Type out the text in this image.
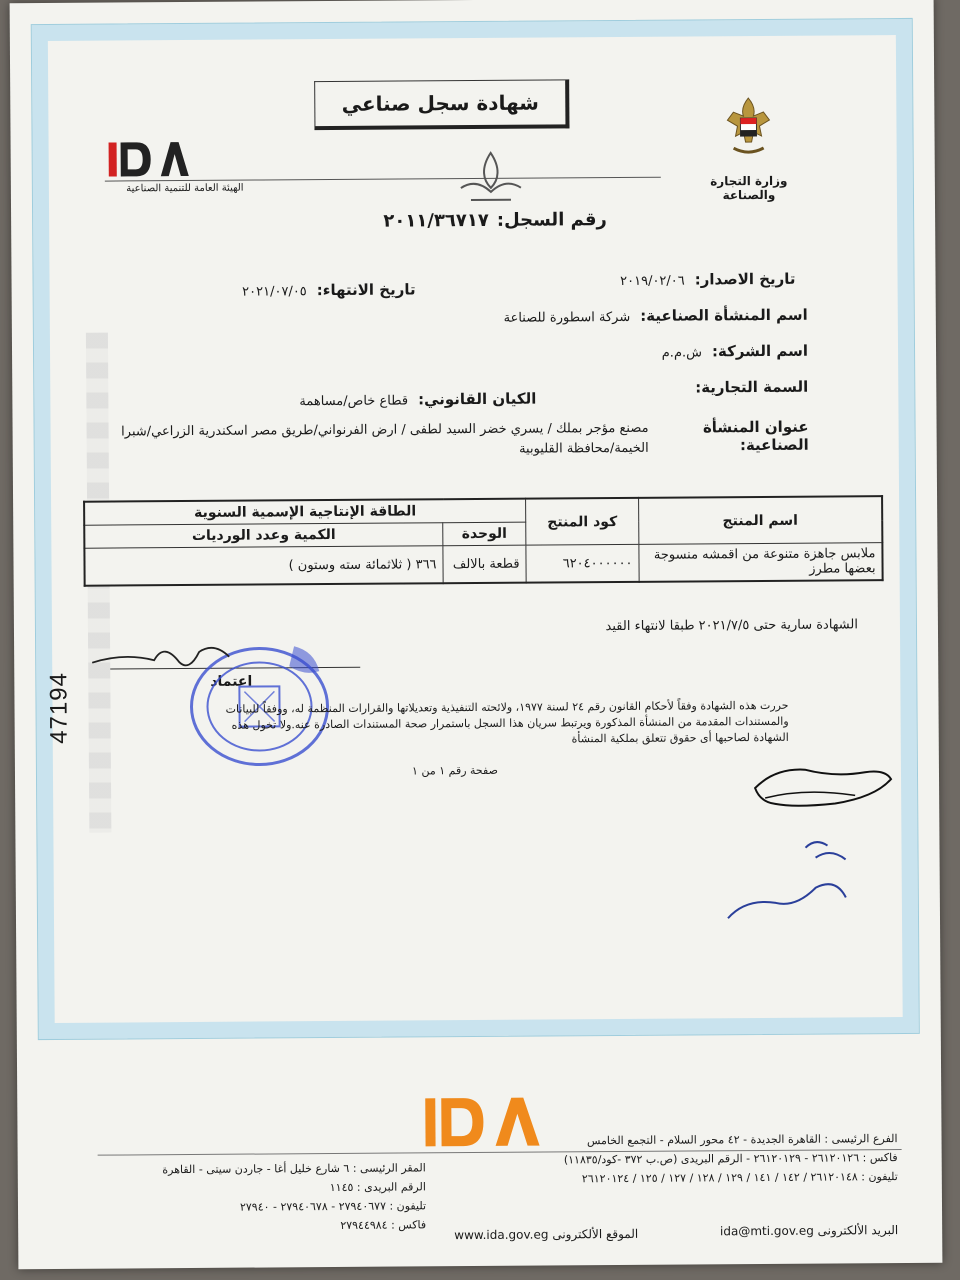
شهادة سجل صناعي
وزارة التجارة والصناعة
الهيئة العامة للتنمية الصناعية
رقم السجل:٢٠١١/٣٦٧١٧
تاريخ الاصدار:٢٠١٩/٠٢/٠٦
تاريخ الانتهاء:٢٠٢١/٠٧/٠٥
اسم المنشأة الصناعية:شركة اسطورة للصناعة
اسم الشركة:ش.م.م
السمة التجارية:
الكيان القانوني:قطاع خاص/مساهمة
عنوان المنشأة الصناعية:مصنع مؤجر بملك / يسري خضر السيد لطفى / ارض الفرنواني/طريق مصر اسكندرية الزراعي/شبرا الخيمة/محافظة القليوبية
اسم المنتج	كود المنتج	الطاقة الإنتاجية الإسمية السنوية	
		الوحدة	الكمية وعدد الورديات
ملابس جاهزة متنوعة من اقمشه منسوجة بعضها مطرز	٦٢٠٤٠٠٠٠٠٠	قطعة بالالف	٣٦٦ ( ثلاثمائة سته وستون )
الشهادة سارية حتى ٢٠٢١/٧/٥ طبقا لانتهاء القيد
اعتماد
حررت هذه الشهادة وفقاً لأحكام القانون رقم ٢٤ لسنة ١٩٧٧، ولائحته التنفيذية وتعديلاتها والقرارات المنظمة له، ووفقاً للبيانات والمستندات المقدمة من المنشأة المذكورة ويرتبط سريان هذا السجل باستمرار صحة المستندات الصادرة عنه.ولا تخول هذه الشهادة لصاحبها أى حقوق تتعلق بملكية المنشأة
صفحة رقم ١ من ١
47194
الفرع الرئيسى : القاهرة الجديدة - ٤٢ محور السلام - التجمع الخامس
فاكس : ٢٦١٢٠١٢٦ - ٢٦١٢٠١٢٩ - الرقم البريدى (ص.ب ٣٧٢ -كود/١١٨٣٥)
تليفون : ٢٦١٢٠١٤٨ / ١٤٢ / ١٤١ / ١٢٩ / ١٢٨ / ١٢٧ / ١٢٥ / ٢٦١٢٠١٢٤
المقر الرئيسى : ٦ شارع خليل أغا - جاردن سيتى - القاهرة
الرقم البريدى : ١١٤٥
تليفون : ٢٧٩٤٠٦٧٧ - ٢٧٩٤٠٦٧٨ - ٢٧٩٤٠
فاكس : ٢٧٩٤٤٩٨٤
الموقع الألكترونى www.ida.gov.eg	البريد الألكترونى ida@mti.gov.eg
